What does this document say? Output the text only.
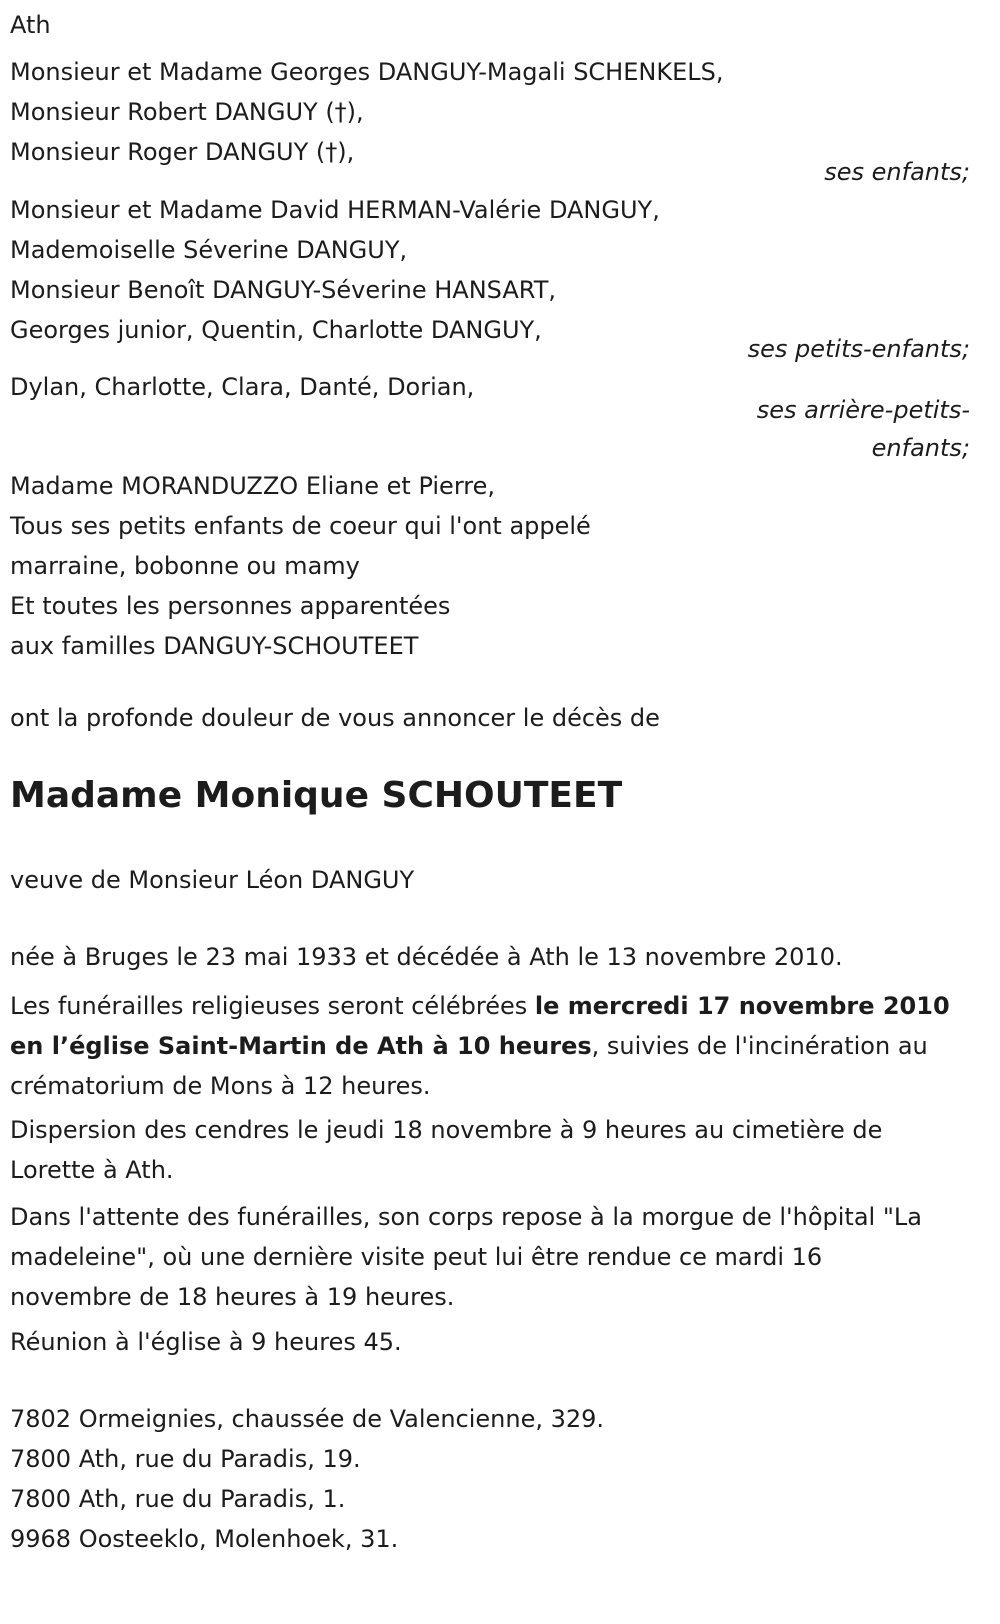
Ath
Monsieur et Madame Georges DANGUY-Magali SCHENKELS,
Monsieur Robert DANGUY (†),
Monsieur Roger DANGUY (†),
ses enfants;
Monsieur et Madame David HERMAN-Valérie DANGUY,
Mademoiselle Séverine DANGUY,
Monsieur Benoît DANGUY-Séverine HANSART,
Georges junior, Quentin, Charlotte DANGUY,
ses petits-enfants;
Dylan, Charlotte, Clara, Danté, Dorian,
ses arrière-petits-
enfants;
Madame MORANDUZZO Eliane et Pierre,
Tous ses petits enfants de coeur qui l'ont appelé
marraine, bobonne ou mamy
Et toutes les personnes apparentées
aux familles DANGUY-SCHOUTEET
ont la profonde douleur de vous annoncer le décès de
Madame Monique SCHOUTEET
veuve de Monsieur Léon DANGUY
née à Bruges le 23 mai 1933 et décédée à Ath le 13 novembre 2010.

Les funérailles religieuses seront célébrées le mercredi 17 novembre 2010 en l’église Saint-Martin de Ath à 10 heures, suivies de l'incinération au crématorium de Mons à 12 heures.

Dispersion des cendres le jeudi 18 novembre à 9 heures au cimetière de Lorette à Ath.

Dans l'attente des funérailles, son corps repose à la morgue de l'hôpital "La madeleine", où une dernière visite peut lui être rendue ce mardi 16 novembre de 18 heures à 19 heures.

Réunion à l'église à 9 heures 45.
7802 Ormeignies, chaussée de Valencienne, 329.
7800 Ath, rue du Paradis, 19.
7800 Ath, rue du Paradis, 1.
9968 Oosteeklo, Molenhoek, 31.
